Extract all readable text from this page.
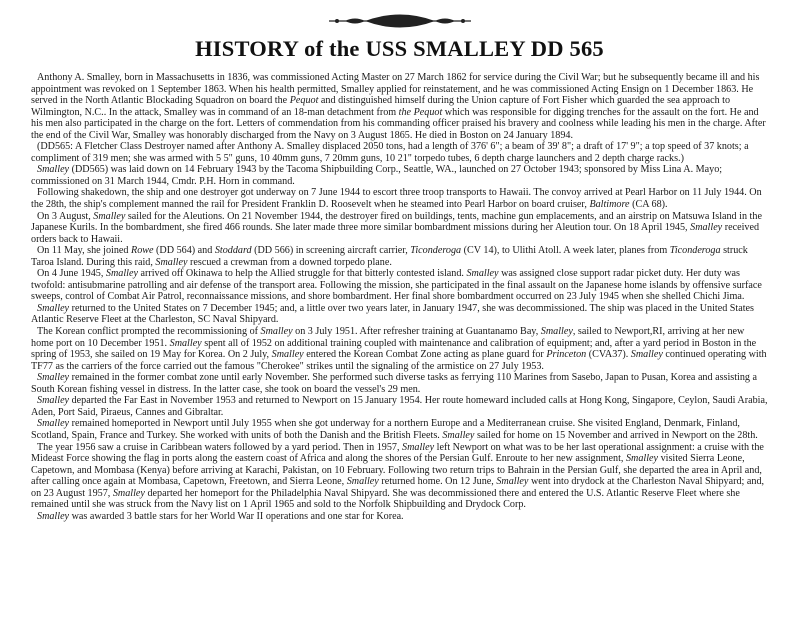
HISTORY of the USS SMALLEY DD 565

Anthony A. Smalley, born in Massachusetts in 1836, was commissioned Acting Master on 27 March 1862 for service during the Civil War; but he subsequently became ill and his appointment was revoked on 1 September 1863. When his health permitted, Smalley applied for reinstatement, and he was commissioned Acting Ensign on 1 December 1863. He served in the North Atlantic Blockading Squadron on board the Pequot and distinguished himself during the Union capture of Fort Fisher which guarded the sea approach to Wilmington, N.C.. In the attack, Smalley was in command of an 18-man detachment from the Pequot which was responsible for digging trenches for the assault on the fort. He and his men also participated in the charge on the fort. Letters of commendation from his commanding officer praised his bravery and coolness while leading his men in the charge. After the end of the Civil War, Smalley was honorably discharged from the Navy on 3 August 1865. He died in Boston on 24 January 1894.

(DD565: A Fletcher Class Destroyer named after Anthony A. Smalley displaced 2050 tons, had a length of 376' 6"; a beam of 39' 8"; a draft of 17' 9"; a top speed of 37 knots; a compliment of 319 men; she was armed with 5 5" guns, 10 40mm guns, 7 20mm guns, 10 21" torpedo tubes, 6 depth charge launchers and 2 depth charge racks.)

Smalley (DD565) was laid down on 14 February 1943 by the Tacoma Shipbuilding Corp., Seattle, WA., launched on 27 October 1943; sponsored by Miss Lina A. Mayo; commissioned on 31 March 1944, Cmdr. P.H. Horn in command.

Following shakedown, the ship and one destroyer got underway on 7 June 1944 to escort three troop transports to Hawaii. The convoy arrived at Pearl Harbor on 11 July 1944. On the 28th, the ship's complement manned the rail for President Franklin D. Roosevelt when he steamed into Pearl Harbor on board cruiser, Baltimore (CA 68).

On 3 August, Smalley sailed for the Aleutions. On 21 November 1944, the destroyer fired on buildings, tents, machine gun emplacements, and an airstrip on Matsuwa Island in the Japanese Kurils. In the bombardment, she fired 466 rounds. She later made three more similar bombardment missions during her Aleution tour. On 18 April 1945, Smalley received orders back to Hawaii.

On 11 May, she joined Rowe (DD 564) and Stoddard (DD 566) in screening aircraft carrier, Ticonderoga (CV 14), to Ulithi Atoll. A week later, planes from Ticonderoga struck Taroa Island. During this raid, Smalley rescued a crewman from a downed torpedo plane.

On 4 June 1945, Smalley arrived off Okinawa to help the Allied struggle for that bitterly contested island. Smalley was assigned close support radar picket duty. Her duty was twofold: antisubmarine patrolling and air defense of the transport area. Following the mission, she participated in the final assault on the Japanese home islands by offensive surface sweeps, control of Combat Air Patrol, reconnaissance missions, and shore bombardment. Her final shore bombardment occurred on 23 July 1945 when she shelled Chichi Jima.

Smalley returned to the United States on 7 December 1945; and, a little over two years later, in January 1947, she was decommissioned. The ship was placed in the United States Atlantic Reserve Fleet at the Charleston, SC Naval Shipyard.

The Korean conflict prompted the recommissioning of Smalley on 3 July 1951. After refresher training at Guantanamo Bay, Smalley, sailed to Newport,RI, arriving at her new home port on 10 December 1951. Smalley spent all of 1952 on additional training coupled with maintenance and calibration of equipment; and, after a yard period in Boston in the spring of 1953, she sailed on 19 May for Korea. On 2 July, Smalley entered the Korean Combat Zone acting as plane guard for Princeton (CVA37). Smalley continued operating with TF77 as the carriers of the force carried out the famous "Cherokee" strikes until the signaling of the armistice on 27 July 1953.

Smalley remained in the former combat zone until early November. She performed such diverse tasks as ferrying 110 Marines from Sasebo, Japan to Pusan, Korea and assisting a South Korean fishing vessel in distress. In the latter case, she took on board the vessel's 29 men.

Smalley departed the Far East in November 1953 and returned to Newport on 15 January 1954. Her route homeward included calls at Hong Kong, Singapore, Ceylon, Saudi Arabia, Aden, Port Said, Piraeus, Cannes and Gibraltar.

Smalley remained homeported in Newport until July 1955 when she got underway for a northern Europe and a Mediterranean cruise. She visited England, Denmark, Finland, Scotland, Spain, France and Turkey. She worked with units of both the Danish and the British Fleets. Smalley sailed for home on 15 November and arrived in Newport on the 28th.

The year 1956 saw a cruise in Caribbean waters followed by a yard period. Then in 1957, Smalley left Newport on what was to be her last operational assignment: a cruise with the Mideast Force showing the flag in ports along the eastern coast of Africa and along the shores of the Persian Gulf. Enroute to her new assignment, Smalley visited Sierra Leone, Capetown, and Mombasa (Kenya) before arriving at Karachi, Pakistan, on 10 February. Following two return trips to Bahrain in the Persian Gulf, she departed the area in April and, after calling once again at Mombasa, Capetown, Freetown, and Sierra Leone, Smalley returned home. On 12 June, Smalley went into drydock at the Charleston Naval Shipyard; and, on 23 August 1957, Smalley departed her homeport for the Philadelphia Naval Shipyard. She was decommissioned there and entered the U.S. Atlantic Reserve Fleet where she remained until she was struck from the Navy list on 1 April 1965 and sold to the Norfolk Shipbuilding and Drydock Corp.

Smalley was awarded 3 battle stars for her World War II operations and one star for Korea.
